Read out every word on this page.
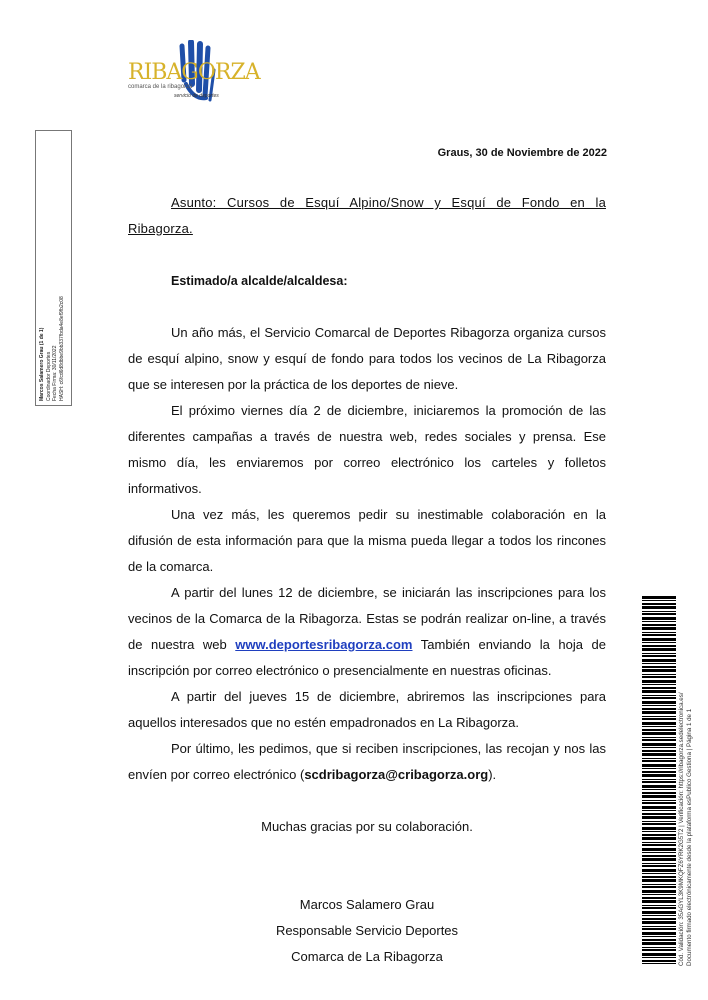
RIBAGORZA
comarca de la ribagorza
servicio de deportes
Marcos Salamero Grau (1 de 1) Coordinador Deportes Fecha Firma: 30/11/2022 HASH: c6fcd6d8dbbe9bb337fbda4e8ef9fb2c08
Cód. Validación: 35AGYL3K9MKQFZ6YRK2G5T2 | Verificación: https://ribagorza.sedelectronica.es/ Documento firmado electrónicamente desde la plataforma esPublico Gestiona | Página 1 de 1
Graus, 30 de Noviembre de 2022

Asunto: Cursos de Esquí Alpino/Snow y Esquí de Fondo en la Ribagorza.

Estimado/a alcalde/alcaldesa:

Un año más, el Servicio Comarcal de Deportes Ribagorza organiza cursos de esquí alpino, snow y esquí de fondo para todos los vecinos de La Ribagorza que se interesen por la práctica de los deportes de nieve.

El próximo viernes día 2 de diciembre, iniciaremos la promoción de las diferentes campañas a través de nuestra web, redes sociales y prensa. Ese mismo día, les enviaremos por correo electrónico los carteles y folletos informativos.

Una vez más, les queremos pedir su inestimable colaboración en la difusión de esta información para que la misma pueda llegar a todos los rincones de la comarca.

A partir del lunes 12 de diciembre, se iniciarán las inscripciones para los vecinos de la Comarca de la Ribagorza. Estas se podrán realizar on-line, a través de nuestra web www.deportesribagorza.com También enviando la hoja de inscripción por correo electrónico o presencialmente en nuestras oficinas.

A partir del jueves 15 de diciembre, abriremos las inscripciones para aquellos interesados que no estén empadronados en La Ribagorza.

Por último, les pedimos, que si reciben inscripciones, las recojan y nos las envíen por correo electrónico (scdribagorza@cribagorza.org).

Muchas gracias por su colaboración.

Marcos Salamero Grau

Responsable Servicio Deportes

Comarca de La Ribagorza
